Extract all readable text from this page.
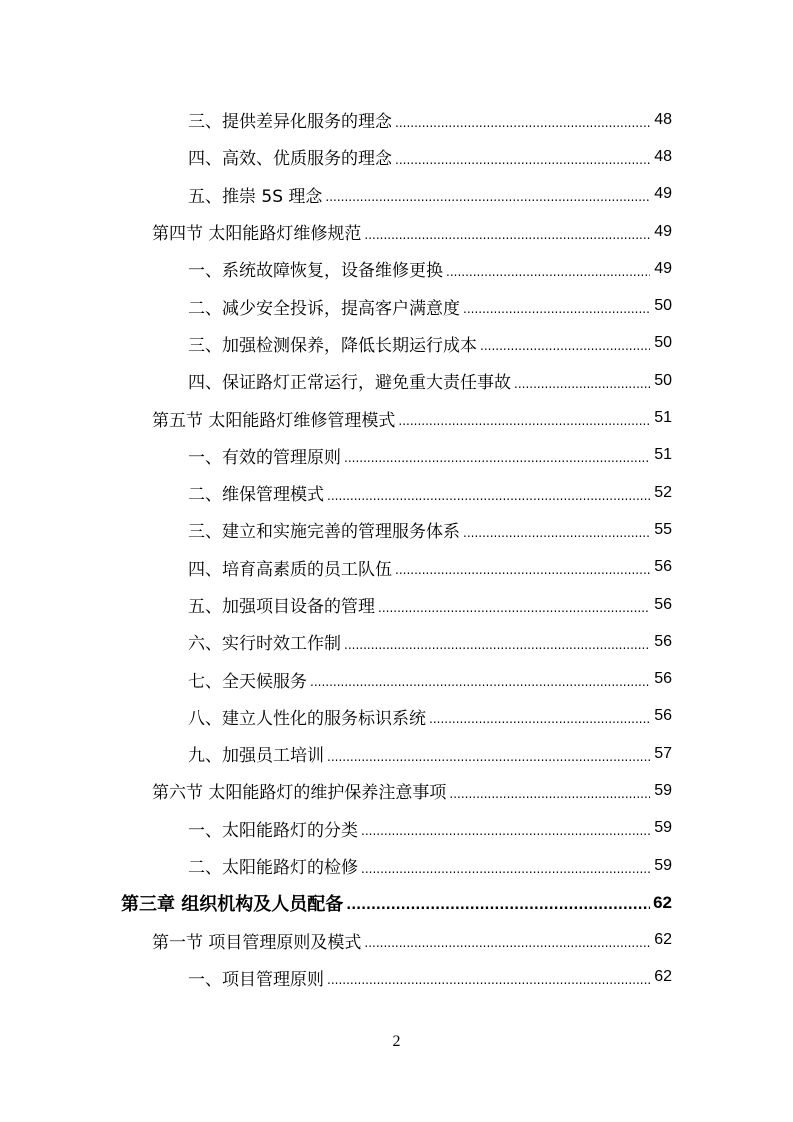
三、提供差异化服务的理念 .....	48
四、高效、优质服务的理念 .....	48
五、推崇 5S 理念 .....	49
第四节 太阳能路灯维修规范 .....	49
一、系统故障恢复，设备维修更换 .....	49
二、减少安全投诉，提高客户满意度 .....	50
三、加强检测保养，降低长期运行成本 .....	50
四、保证路灯正常运行，避免重大责任事故 .....	50
第五节 太阳能路灯维修管理模式 .....	51
一、有效的管理原则 .....	51
二、维保管理模式 .....	52
三、建立和实施完善的管理服务体系 .....	55
四、培育高素质的员工队伍 .....	56
五、加强项目设备的管理 .....	56
六、实行时效工作制 .....	56
七、全天候服务 .....	56
八、建立人性化的服务标识系统 .....	56
九、加强员工培训 .....	57
第六节 太阳能路灯的维护保养注意事项 .....	59
一、太阳能路灯的分类 .....	59
二、太阳能路灯的检修 .....	59
第三章 组织机构及人员配备 .....	62
第一节 项目管理原则及模式 .....	62
一、项目管理原则 .....	62
2
